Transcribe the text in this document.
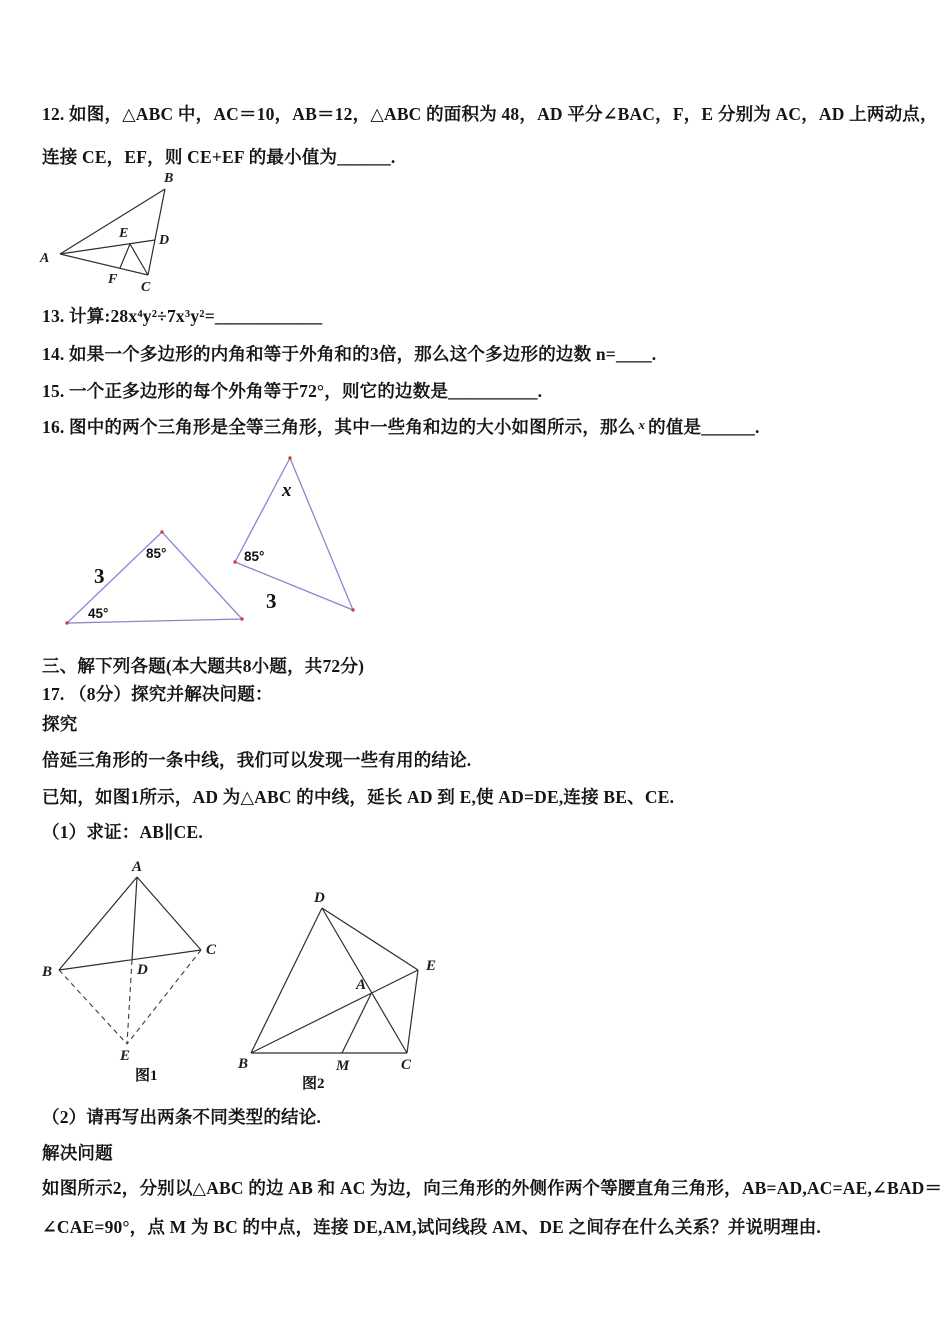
12. 如图，△ABC 中，AC＝10，AB＝12，△ABC 的面积为 48，AD 平分∠BAC，F，E 分别为 AC，AD 上两动点，
连接 CE，EF，则 CE+EF 的最小值为______.
A
B
C
D
E
F
13. 计算:28x⁴y²÷7x³y²=____________
14. 如果一个多边形的内角和等于外角和的3倍，那么这个多边形的边数 n=____.
15. 一个正多边形的每个外角等于72°，则它的边数是__________.
16. 图中的两个三角形是全等三角形，其中一些角和边的大小如图所示，那么 $^x$ 的值是______.
85°
3
45°
x
85°
3
三、解下列各题(本大题共8小题，共72分)
17. （8分）探究并解决问题：
探究
倍延三角形的一条中线，我们可以发现一些有用的结论.
已知，如图1所示，AD 为△ABC 的中线，延长 AD 到 E,使 AD=DE,连接 BE、CE.
（1）求证：AB∥CE.
A
B
C
D
E
图1
D
E
A
B	M	C
图2
（2）请再写出两条不同类型的结论.
解决问题
如图所示2，分别以△ABC 的边 AB 和 AC 为边，向三角形的外侧作两个等腰直角三角形，AB=AD,AC=AE,∠BAD＝
∠CAE=90°，点 M 为 BC 的中点，连接 DE,AM,试问线段 AM、DE 之间存在什么关系？并说明理由.
